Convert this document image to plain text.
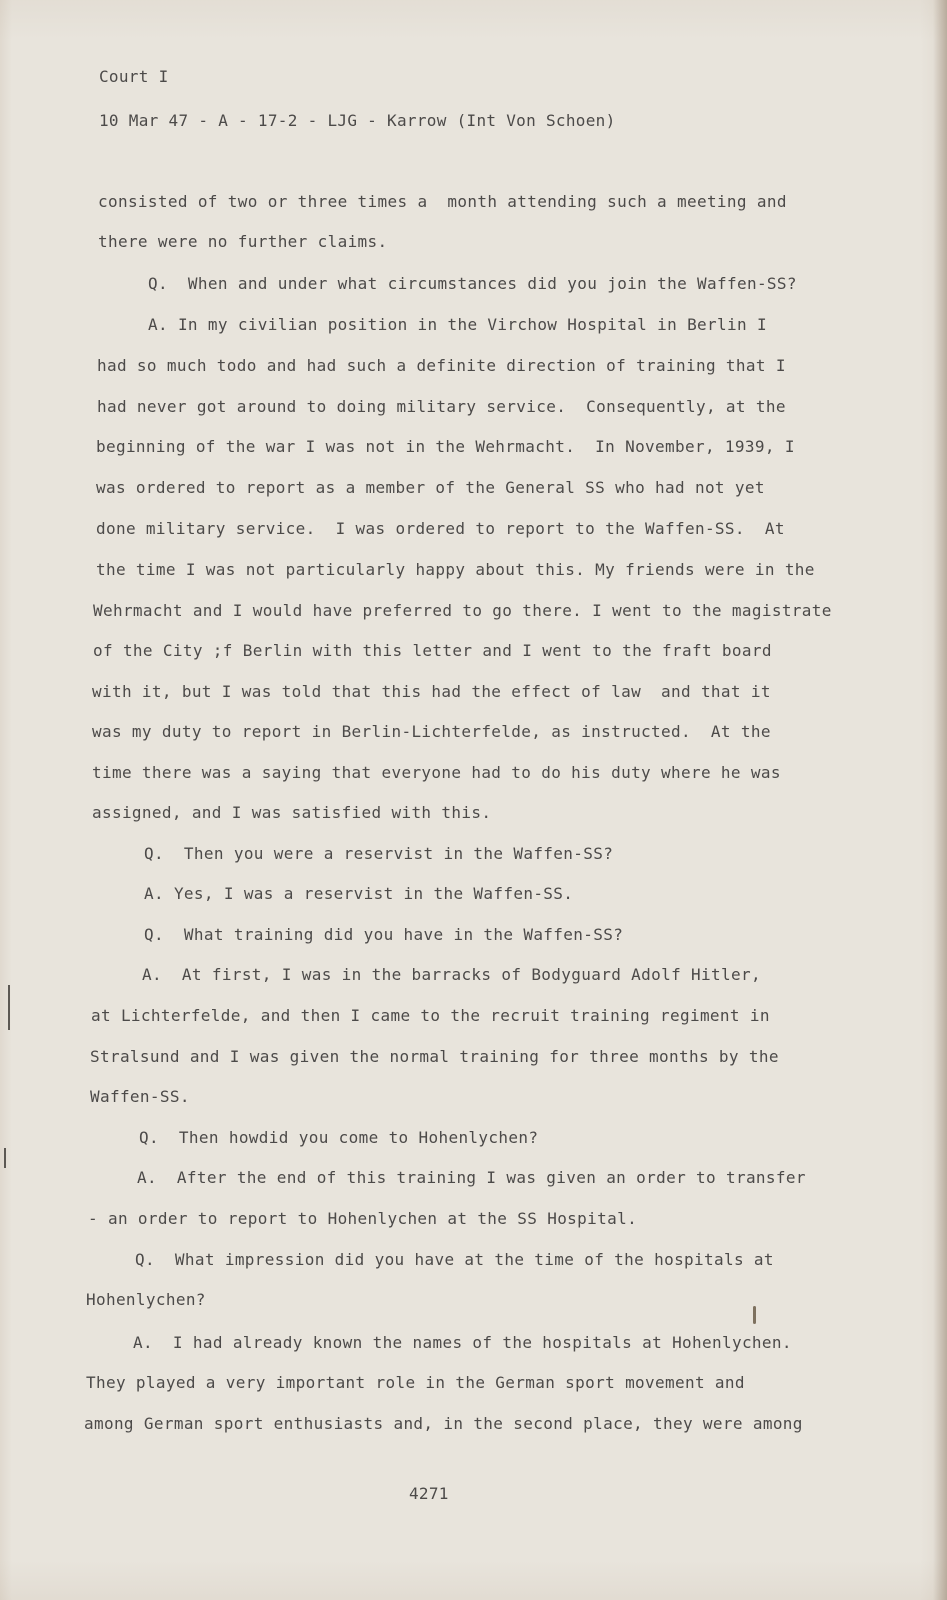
Court I
10 Mar 47 - A - 17-2 - LJG - Karrow (Int Von Schoen)
consisted of two or three times a  month attending such a meeting and
there were no further claims.
Q.  When and under what circumstances did you join the Waffen-SS?
A. In my civilian position in the Virchow Hospital in Berlin I
had so much todo and had such a definite direction of training that I
had never got around to doing military service.  Consequently, at the
beginning of the war I was not in the Wehrmacht.  In November, 1939, I
was ordered to report as a member of the General SS who had not yet
done military service.  I was ordered to report to the Waffen-SS.  At
the time I was not particularly happy about this. My friends were in the
Wehrmacht and I would have preferred to go there. I went to the magistrate
of the City ;f Berlin with this letter and I went to the fraft board
with it, but I was told that this had the effect of law  and that it
was my duty to report in Berlin-Lichterfelde, as instructed.  At the
time there was a saying that everyone had to do his duty where he was
assigned, and I was satisfied with this.
Q.  Then you were a reservist in the Waffen-SS?
A. Yes, I was a reservist in the Waffen-SS.
Q.  What training did you have in the Waffen-SS?
A.  At first, I was in the barracks of Bodyguard Adolf Hitler,
at Lichterfelde, and then I came to the recruit training regiment in
Stralsund and I was given the normal training for three months by the
Waffen-SS.
Q.  Then howdid you come to Hohenlychen?
A.  After the end of this training I was given an order to transfer
- an order to report to Hohenlychen at the SS Hospital.
Q.  What impression did you have at the time of the hospitals at
Hohenlychen?
A.  I had already known the names of the hospitals at Hohenlychen.
They played a very important role in the German sport movement and
among German sport enthusiasts and, in the second place, they were among
4271
